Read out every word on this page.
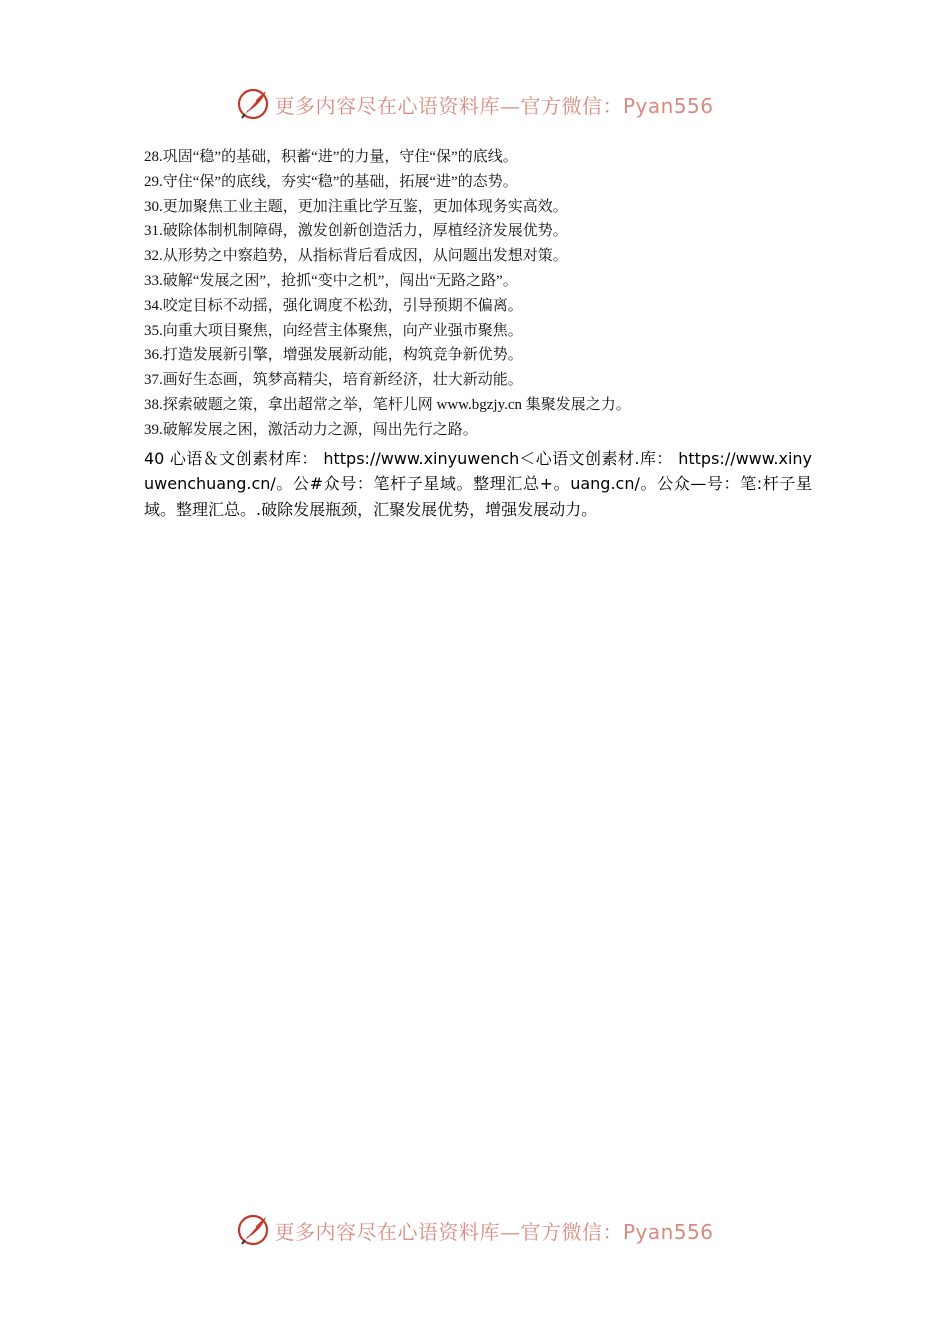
更多内容尽在心语资料库—官方微信：Pyan556
28.巩固“稳”的基础，积蓄“进”的力量，守住“保”的底线。
29.守住“保”的底线，夯实“稳”的基础，拓展“进”的态势。
30.更加聚焦工业主题，更加注重比学互鉴，更加体现务实高效。
31.破除体制机制障碍，激发创新创造活力，厚植经济发展优势。
32.从形势之中察趋势，从指标背后看成因，从问题出发想对策。
33.破解“发展之困”，抢抓“变中之机”，闯出“无路之路”。
34.咬定目标不动摇，强化调度不松劲，引导预期不偏离。
35.向重大项目聚焦，向经营主体聚焦，向产业强市聚焦。
36.打造发展新引擎，增强发展新动能，构筑竞争新优势。
37.画好生态画，筑梦高精尖，培育新经济，壮大新动能。
38.探索破题之策，拿出超常之举，笔杆儿网 www.bgzjy.cn 集聚发展之力。
39.破解发展之困，激活动力之源，闯出先行之路。
40 心语＆文创素材库： https://www.xinyuwench＜心语文创素材.库： https://www.xinyuwenchuang.cn/。公#众号：笔杆子星域。整理汇总+。uang.cn/。公众—号：笔:杆子星域。整理汇总。.破除发展瓶颈，汇聚发展优势，增强发展动力。
更多内容尽在心语资料库—官方微信：Pyan556
